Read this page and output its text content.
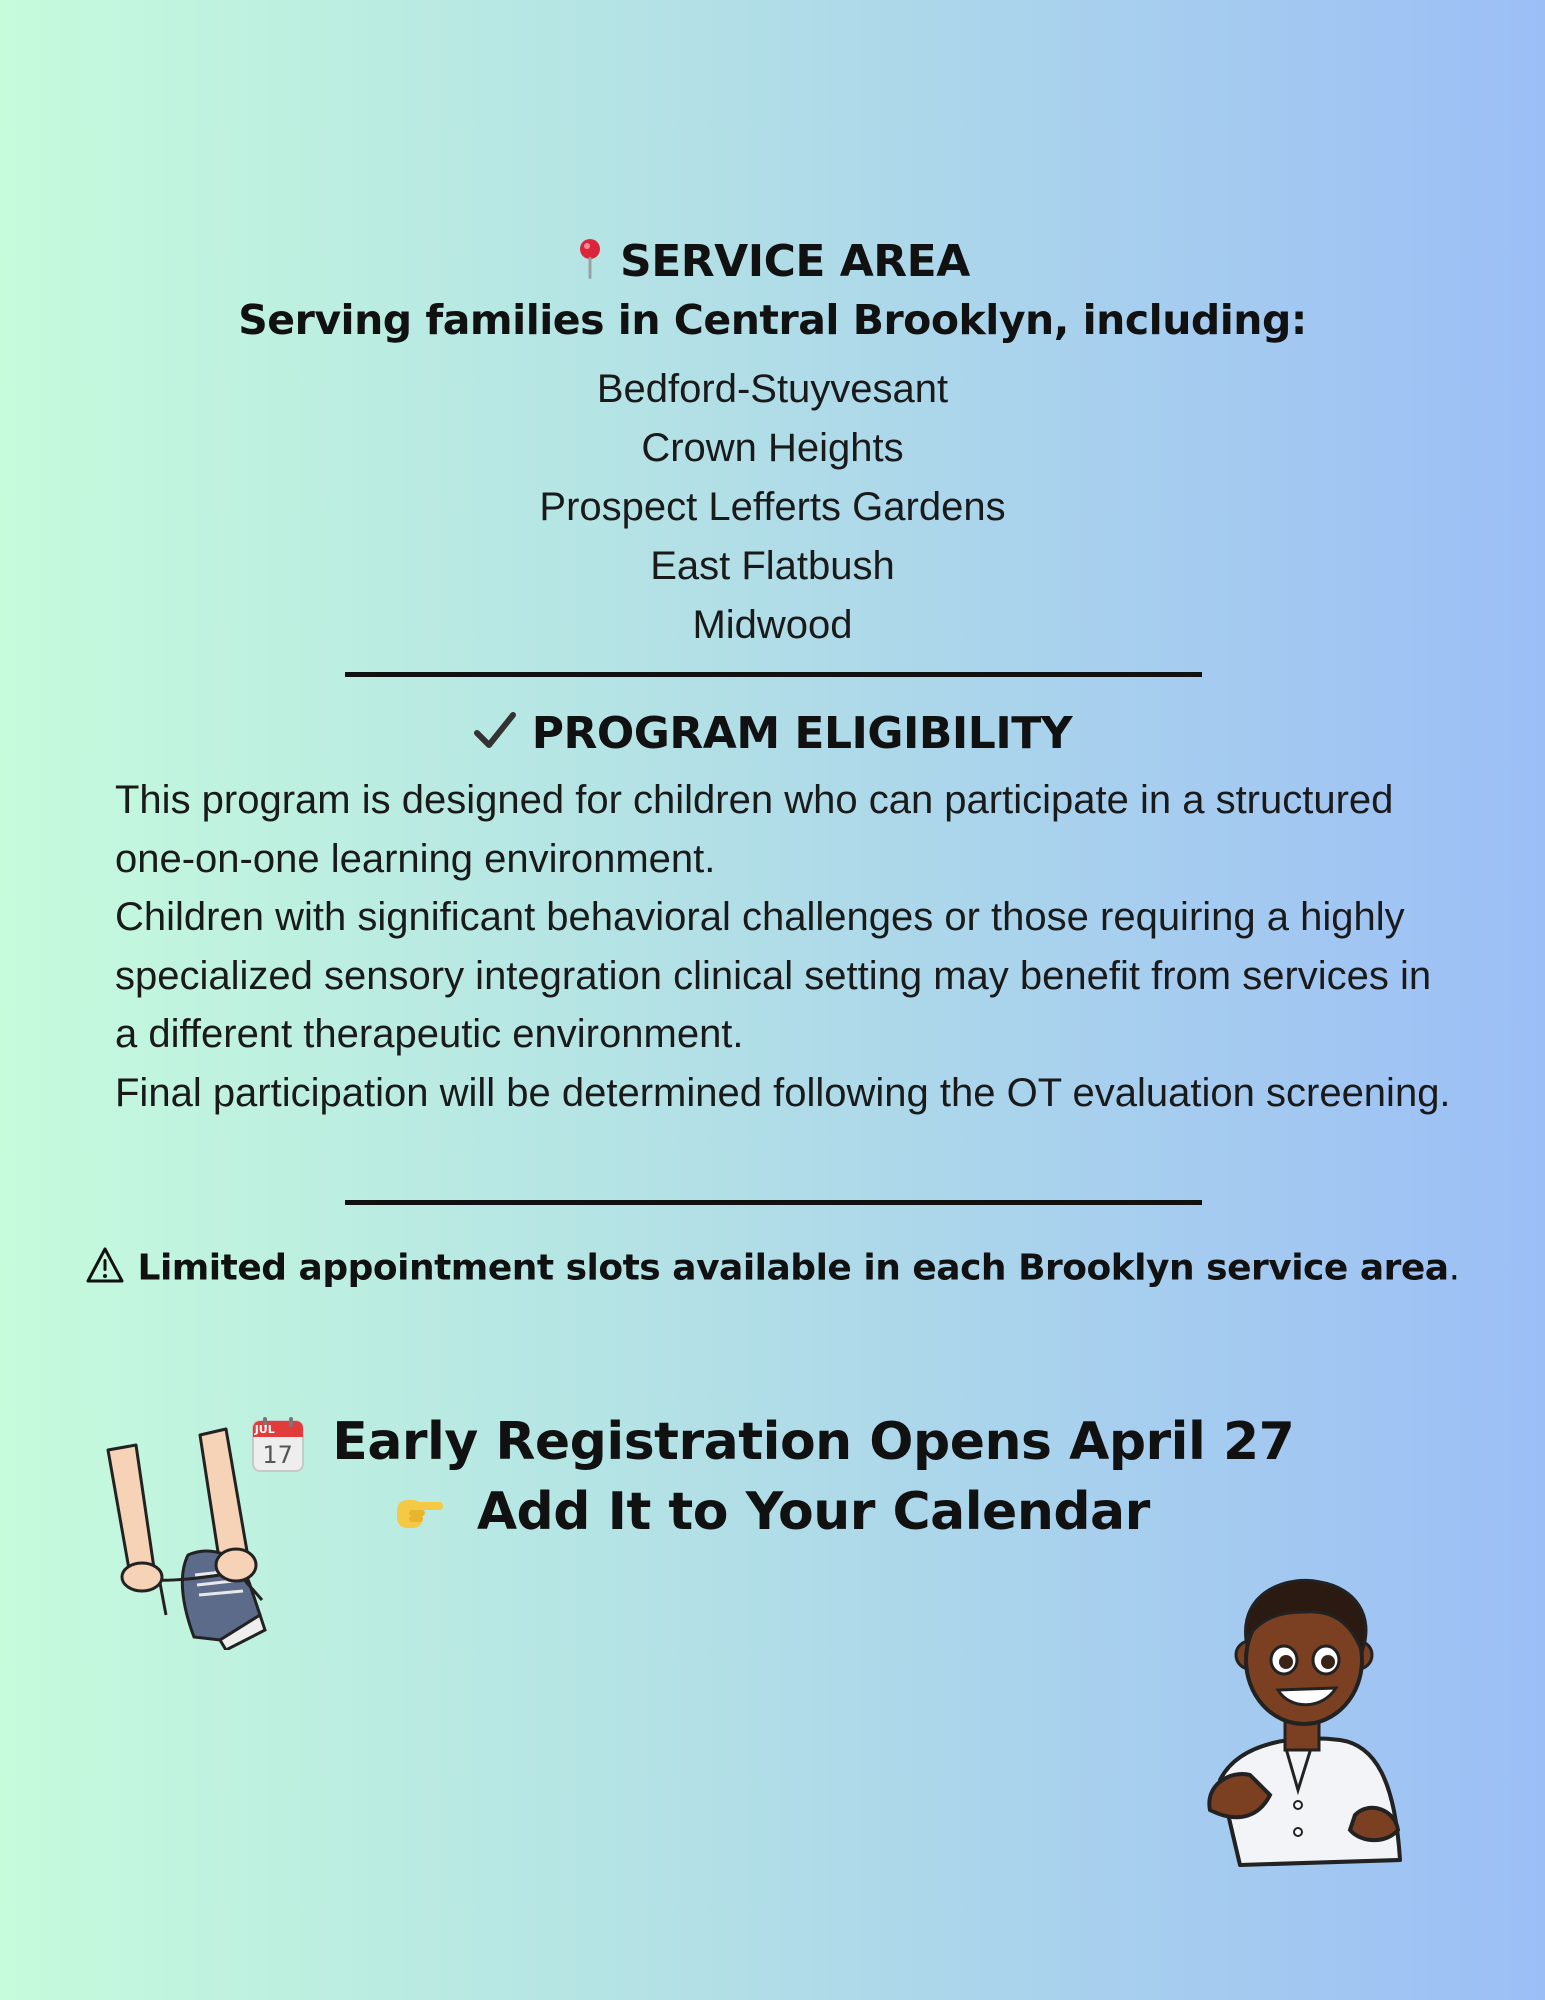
SERVICE AREA
Serving families in Central Brooklyn, including:
Bedford-Stuyvesant
Crown Heights
Prospect Lefferts Gardens
East Flatbush
Midwood
PROGRAM ELIGIBILITY

This program is designed for children who can participate in a structured one-on-one learning environment.

Children with significant behavioral challenges or those requiring a highly specialized sensory integration clinical setting may benefit from services in a different therapeutic environment.

Final participation will be determined following the OT evaluation screening.

Limited appointment slots available in each Brooklyn service area.
JUL
17 Early Registration Opens April 27
Add It to Your Calendar
